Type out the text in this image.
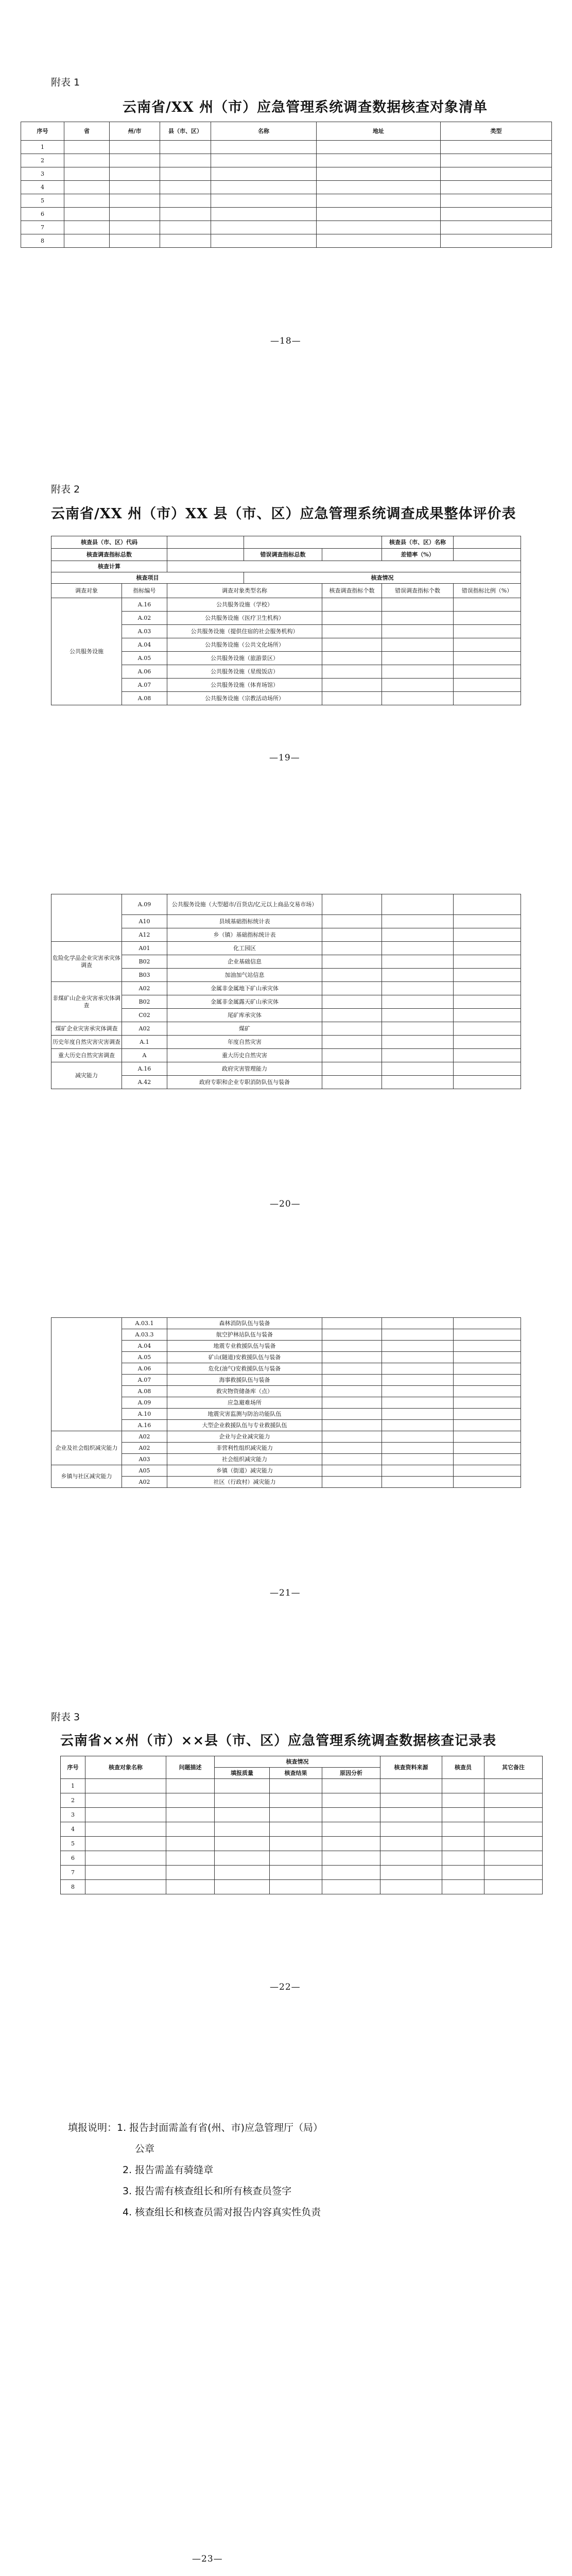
附表 1
云南省/XX 州（市）应急管理系统调查数据核查对象清单
序号	省	州/市	县（市、区）	名称	地址	类型
1						
2						
3						
4						
5						
6						
7						
8						
—18—
附表 2
云南省/XX 州（市）XX 县（市、区）应急管理系统调查成果整体评价表
核查县（市、区）代码					核查县（市、区）名称	
核查调查指标总数			错误调查指标总数		差错率（%）	
核查计算						
核查项目			核查情况			
调查对象	指标编号	调查对象类型名称		核查调查指标个数	错误调查指标个数	错误指标比例（%）
公共服务设施	A.16	公共服务设施（学校）				
	A.02	公共服务设施（医疗卫生机构）				
	A.03	公共服务设施（提供住宿的社会服务机构）				
	A.04	公共服务设施（公共文化场所）				
	A.05	公共服务设施（旅游景区）				
	A.06	公共服务设施（星级饭店）				
	A.07	公共服务设施（体育场馆）				
	A.08	公共服务设施（宗教活动场所）				
—19—
	A.09	公共服务设施（大型超市/百货店/亿元以上商品交易市场）			
	A10	县域基础指标统计表			
	A12	乡（镇）基础指标统计表			
危险化学品企业灾害承灾体调查	A01	化工园区			
	B02	企业基础信息			
	B03	加油加气站信息			
非煤矿山企业灾害承灾体调查	A02	金属非金属地下矿山承灾体			
	B02	金属非金属露天矿山承灾体			
	C02	尾矿库承灾体			
煤矿企业灾害承灾体调查	A02	煤矿			
历史年度自然灾害灾害调查	A.1	年度自然灾害			
重大历史自然灾害调查	A	重大历史自然灾害			
减灾能力	A.16	政府灾害管理能力			
	A.42	政府专职和企业专职消防队伍与装备			
—20—
	A.03.1	森林消防队伍与装备			
	A.03.3	航空护林站队伍与装备			
	A.04	地震专业救援队伍与装备			
	A.05	矿山(隧道)安救援队伍与装备			
	A.06	危化(油气)安救援队伍与装备			
	A.07	海事救援队伍与装备			
	A.08	救灾物资储备库（点）			
	A.09	应急避难场所			
	A.10	地震灾害监测与防治功能队伍			
	A.16	大型企业救援队伍与专业救援队伍			
企业及社会组织减灾能力	A02	企业与企业减灾能力			
	A02	非营利性组织减灾能力			
	A03	社会组织减灾能力			
乡镇与社区减灾能力	A05	乡镇（街道）减灾能力			
	A02	社区（行政村）减灾能力			
—21—
附表 3
云南省××州（市）××县（市、区）应急管理系统调查数据核查记录表
序号	核查对象名称	问题描述	核查情况			核查资料来源	核查员	其它备注
			填报质量	核查结果	原因分析			
1								
2								
3								
4								
5								
6								
7								
8								
—22—
填报说明：1. 报告封面需盖有省(州、市)应急管理厅（局）
公章
2. 报告需盖有骑缝章
3. 报告需有核查组长和所有核查员签字
4. 核查组长和核查员需对报告内容真实性负责
—23—
